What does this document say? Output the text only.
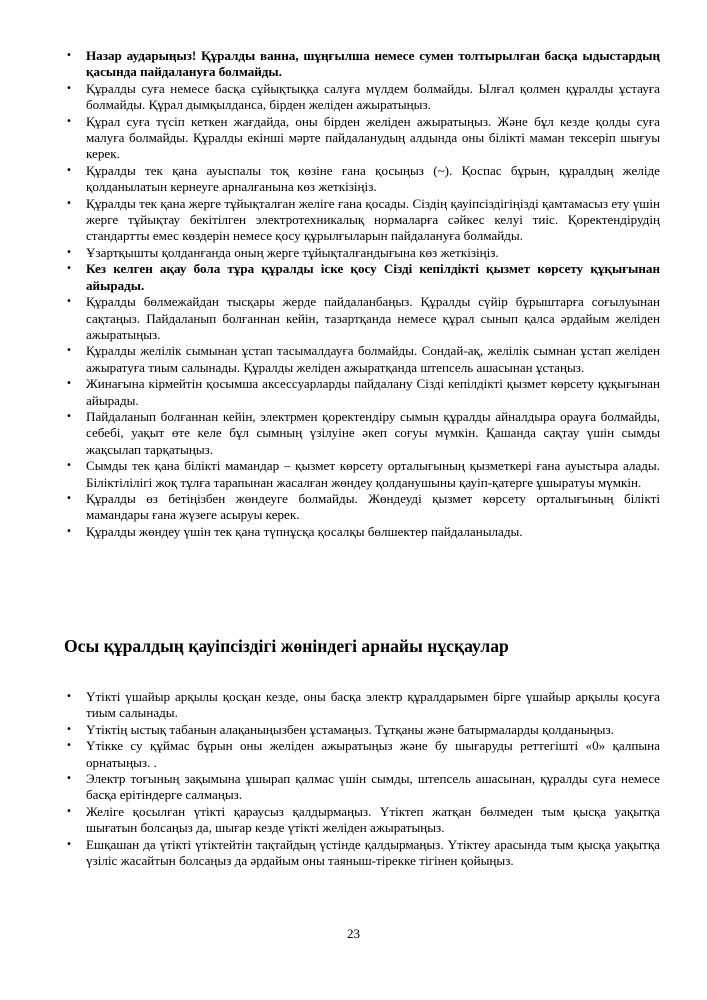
• Назар аударыңыз! Құралды ванна, шұңғылша немесе сумен толтырылған басқа ыдыстардың қасында пайдалануға болмайды.
• Құралды суға немесе басқа сұйықтыққа салуға мүлдем болмайды. Ылғал қолмен құралды ұстауға болмайды. Құрал дымқылданса, бірден желіден ажыратыңыз.
• Құрал суға түсіп кеткен жағдайда, оны бірден желіден ажыратыңыз. Және бұл кезде қолды суға малуға болмайды. Құралды екінші мәрте пайдаланудың алдында оны білікті маман тексеріп шығуы керек.
• Құралды тек қана ауыспалы тоқ көзіне ғана қосыңыз (~). Қоспас бұрын, құралдың желіде қолданылатын кернеуге арналғанына көз жеткізіңіз.
• Құралды тек қана жерге тұйықталған желіге ғана қосады. Сіздің қауіпсіздігіңізді қамтамасыз ету үшін жерге тұйықтау бекітілген электротехникалық нормаларға сәйкес келуі тиіс. Қоректендірудің стандартты емес көздерін немесе қосу құрылғыларын пайдалануға болмайды.
• Ұзартқышты қолданғанда оның жерге тұйықталғандығына көз жеткізіңіз.
• Кез келген ақау бола тұра құралды іске қосу Сізді кепілдікті қызмет көрсету құқығынан айырады.
• Құралды бөлмежайдан тысқары жерде пайдаланбаңыз. Құралды сүйір бұрыштарға соғылуынан сақтаңыз. Пайдаланып болғаннан кейін, тазартқанда немесе құрал сынып қалса әрдайым желіден ажыратыңыз.
• Құралды желілік сымынан ұстап тасымалдауға болмайды. Сондай-ақ, желілік сымнан ұстап желіден ажыратуға тиым салынады. Құралды желіден ажыратқанда штепсель ашасынан ұстаңыз.
• Жинағына кірмейтін қосымша аксессуарларды пайдалану Сізді кепілдікті қызмет көрсету құқығынан айырады.
• Пайдаланып болғаннан кейін, электрмен қоректендіру сымын құралды айналдыра орауға болмайды, себебі, уақыт өте келе бұл сымның үзілуіне әкеп соғуы мүмкін. Қашанда сақтау үшін сымды жақсылап тарқатыңыз.
• Сымды тек қана білікті мамандар – қызмет көрсету орталығының қызметкері ғана ауыстыра алады. Біліктілілігі жоқ тұлға тарапынан жасалған жөндеу қолданушыны қауіп-қатерге ұшыратуы мүмкін.
• Құралды өз бетіңізбен жөндеуге болмайды. Жөндеуді қызмет көрсету орталығының білікті мамандары ғана жүзеге асыруы керек.
• Құралды жөндеу үшін тек қана түпнұсқа қосалқы бөлшектер пайдаланылады.
Осы құралдың қауіпсіздігі жөніндегі арнайы нұсқаулар
• Үтікті үшайыр арқылы қосқан кезде, оны басқа электр құралдарымен бірге үшайыр арқылы қосуға тиым салынады.
• Үтіктің ыстық табанын алақаныңызбен ұстамаңыз. Тұтқаны және батырмаларды қолданыңыз.
• Үтікке су құймас бұрын оны желіден ажыратыңыз және бу шығаруды реттегішті «0» қалпына орнатыңыз. .
• Электр тоғының зақымына ұшырап қалмас үшін сымды, штепсель ашасынан, құралды суға немесе басқа ерітіндерге салмаңыз.
• Желіге қосылған үтікті қараусыз қалдырмаңыз. Үтіктеп жатқан бөлмеден тым қысқа уақытқа шығатын болсаңыз да, шығар кезде үтікті желіден ажыратыңыз.
• Ешқашан да үтікті үтіктейтін тақтайдың үстінде қалдырмаңыз. Үтіктеу арасында тым қысқа уақытқа үзіліс жасайтын болсаңыз да әрдайым оны таяныш-тірекке тігінен қойыңыз.
23
